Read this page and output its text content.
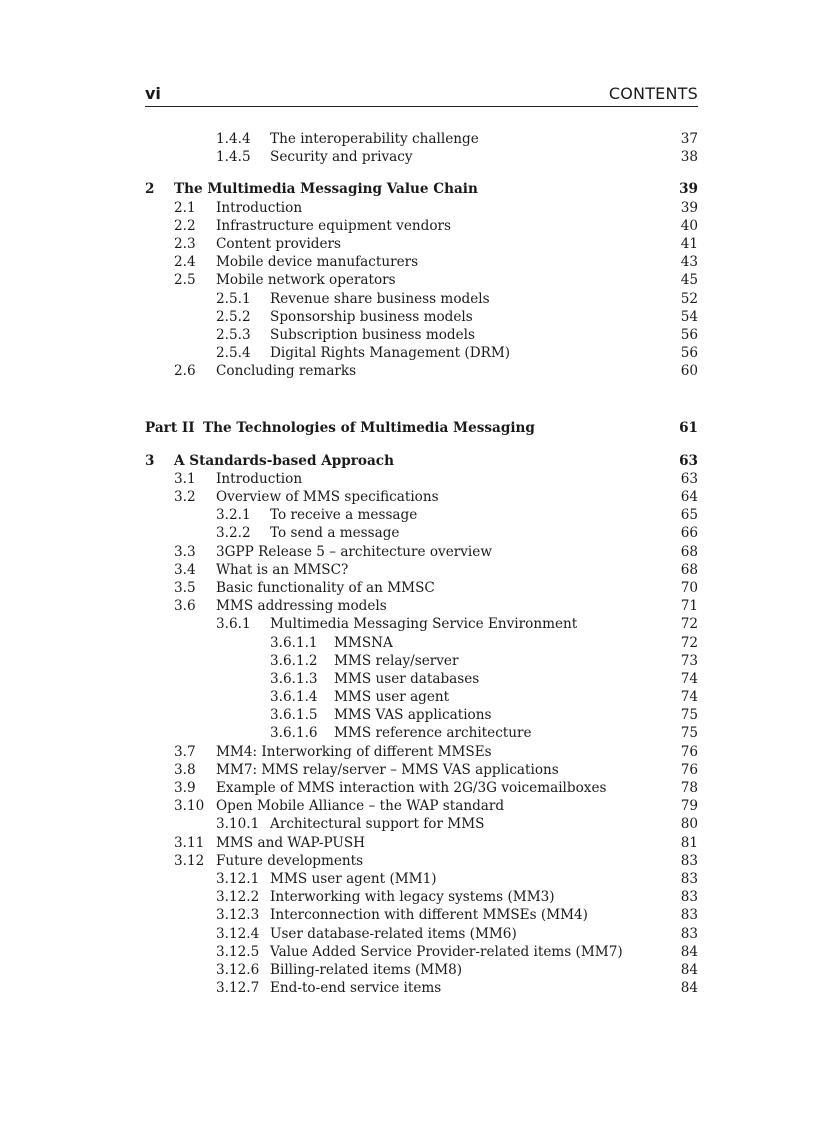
vi	CONTENTS
1.4.4 The interoperability challenge	37
1.4.5 Security and privacy	38
2 The Multimedia Messaging Value Chain	39
2.1 Introduction	39
2.2 Infrastructure equipment vendors	40
2.3 Content providers	41
2.4 Mobile device manufacturers	43
2.5 Mobile network operators	45
2.5.1 Revenue share business models	52
2.5.2 Sponsorship business models	54
2.5.3 Subscription business models	56
2.5.4 Digital Rights Management (DRM)	56
2.6 Concluding remarks	60
Part II The Technologies of Multimedia Messaging	61
3 A Standards-based Approach	63
3.1 Introduction	63
3.2 Overview of MMS specifications	64
3.2.1 To receive a message	65
3.2.2 To send a message	66
3.3 3GPP Release 5 – architecture overview	68
3.4 What is an MMSC?	68
3.5 Basic functionality of an MMSC	70
3.6 MMS addressing models	71
3.6.1 Multimedia Messaging Service Environment	72
3.6.1.1 MMSNA	72
3.6.1.2 MMS relay/server	73
3.6.1.3 MMS user databases	74
3.6.1.4 MMS user agent	74
3.6.1.5 MMS VAS applications	75
3.6.1.6 MMS reference architecture	75
3.7 MM4: Interworking of different MMSEs	76
3.8 MM7: MMS relay/server – MMS VAS applications	76
3.9 Example of MMS interaction with 2G/3G voicemailboxes	78
3.10 Open Mobile Alliance – the WAP standard	79
3.10.1 Architectural support for MMS	80
3.11 MMS and WAP-PUSH	81
3.12 Future developments	83
3.12.1 MMS user agent (MM1)	83
3.12.2 Interworking with legacy systems (MM3)	83
3.12.3 Interconnection with different MMSEs (MM4)	83
3.12.4 User database-related items (MM6)	83
3.12.5 Value Added Service Provider-related items (MM7)	84
3.12.6 Billing-related items (MM8)	84
3.12.7 End-to-end service items	84
